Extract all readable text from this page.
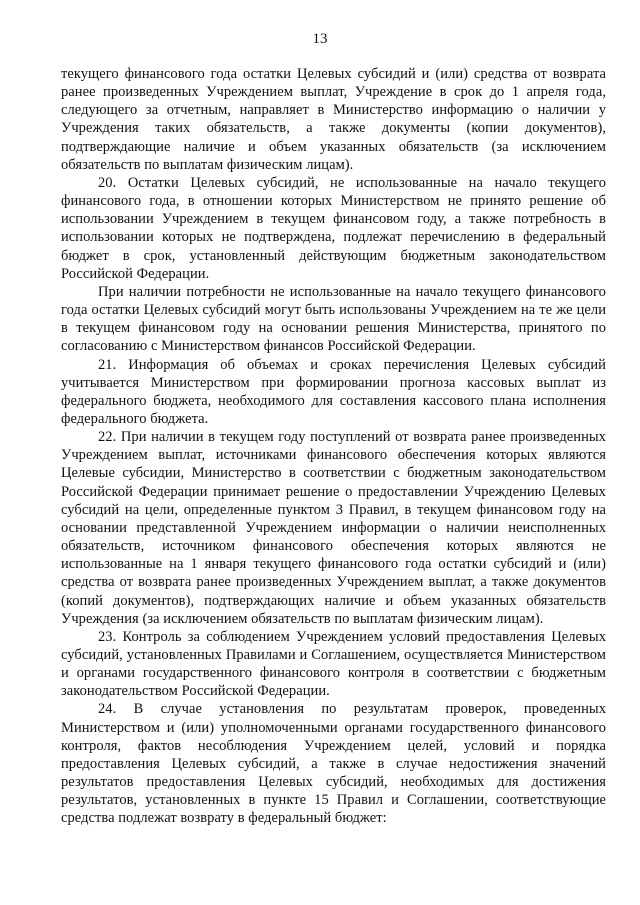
13

текущего финансового года остатки Целевых субсидий и (или) средства от возврата ранее произведенных Учреждением выплат, Учреждение в срок до 1 апреля года, следующего за отчетным, направляет в Министерство информацию о наличии у Учреждения таких обязательств, а также документы (копии документов), подтверждающие наличие и объем указанных обязательств (за исключением обязательств по выплатам физическим лицам).

20. Остатки Целевых субсидий, не использованные на начало текущего финансового года, в отношении которых Министерством не принято решение об использовании Учреждением в текущем финансовом году, а также потребность в использовании которых не подтверждена, подлежат перечислению в федеральный бюджет в срок, установленный действующим бюджетным законодательством Российской Федерации.

При наличии потребности не использованные на начало текущего финансового года остатки Целевых субсидий могут быть использованы Учреждением на те же цели в текущем финансовом году на основании решения Министерства, принятого по согласованию с Министерством финансов Российской Федерации.

21. Информация об объемах и сроках перечисления Целевых субсидий учитывается Министерством при формировании прогноза кассовых выплат из федерального бюджета, необходимого для составления кассового плана исполнения федерального бюджета.

22. При наличии в текущем году поступлений от возврата ранее произведенных Учреждением выплат, источниками финансового обеспечения которых являются Целевые субсидии, Министерство в соответствии с бюджетным законодательством Российской Федерации принимает решение о предоставлении Учреждению Целевых субсидий на цели, определенные пунктом 3 Правил, в текущем финансовом году на основании представленной Учреждением информации о наличии неисполненных обязательств, источником финансового обеспечения которых являются не использованные на 1 января текущего финансового года остатки субсидий и (или) средства от возврата ранее произведенных Учреждением выплат, а также документов (копий документов), подтверждающих наличие и объем указанных обязательств Учреждения (за исключением обязательств по выплатам физическим лицам).

23. Контроль за соблюдением Учреждением условий предоставления Целевых субсидий, установленных Правилами и Соглашением, осуществляется Министерством и органами государственного финансового контроля в соответствии с бюджетным законодательством Российской Федерации.

24. В случае установления по результатам проверок, проведенных Министерством и (или) уполномоченными органами государственного финансового контроля, фактов несоблюдения Учреждением целей, условий и порядка предоставления Целевых субсидий, а также в случае недостижения значений результатов предоставления Целевых субсидий, необходимых для достижения результатов, установленных в пункте 15 Правил и Соглашении, соответствующие средства подлежат возврату в федеральный бюджет:
